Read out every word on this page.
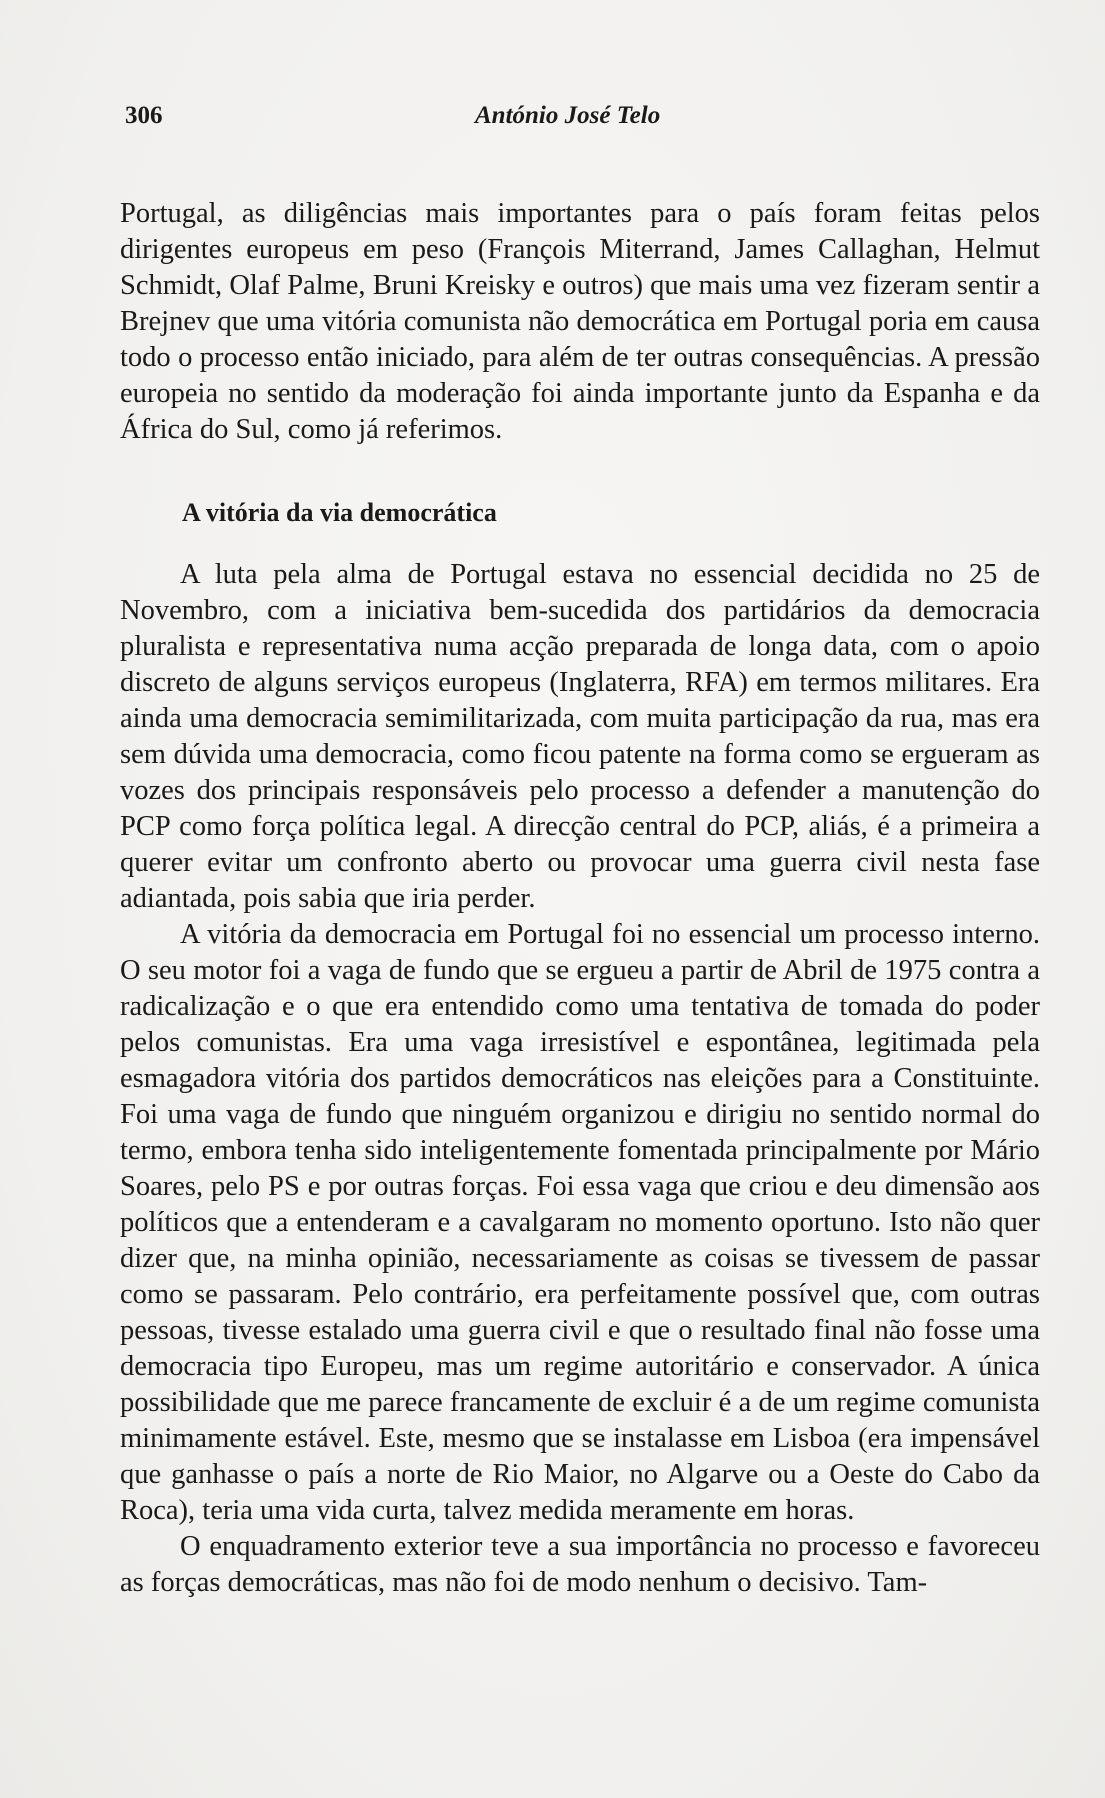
306	António José Telo

Portugal, as diligências mais importantes para o país foram feitas pelos dirigentes europeus em peso (François Miterrand, James Callaghan, Helmut Schmidt, Olaf Palme, Bruni Kreisky e outros) que mais uma vez fizeram sentir a Brejnev que uma vitória comunista não democrática em Portugal poria em causa todo o processo então iniciado, para além de ter outras consequências. A pressão europeia no sentido da moderação foi ainda importante junto da Espanha e da África do Sul, como já referimos.

A vitória da via democrática

A luta pela alma de Portugal estava no essencial decidida no 25 de Novembro, com a iniciativa bem-sucedida dos partidários da democracia pluralista e representativa numa acção preparada de longa data, com o apoio discreto de alguns serviços europeus (Inglaterra, RFA) em termos militares. Era ainda uma democracia semimilitarizada, com muita participação da rua, mas era sem dúvida uma democracia, como ficou patente na forma como se ergueram as vozes dos principais responsáveis pelo processo a defender a manutenção do PCP como força política legal. A direcção central do PCP, aliás, é a primeira a querer evitar um confronto aberto ou provocar uma guerra civil nesta fase adiantada, pois sabia que iria perder.

A vitória da democracia em Portugal foi no essencial um processo interno. O seu motor foi a vaga de fundo que se ergueu a partir de Abril de 1975 contra a radicalização e o que era entendido como uma tentativa de tomada do poder pelos comunistas. Era uma vaga irresistível e espontânea, legitimada pela esmagadora vitória dos partidos democráticos nas eleições para a Constituinte. Foi uma vaga de fundo que ninguém organizou e dirigiu no sentido normal do termo, embora tenha sido inteligentemente fomentada principalmente por Mário Soares, pelo PS e por outras forças. Foi essa vaga que criou e deu dimensão aos políticos que a entenderam e a cavalgaram no momento oportuno. Isto não quer dizer que, na minha opinião, necessariamente as coisas se tivessem de passar como se passaram. Pelo contrário, era perfeitamente possível que, com outras pessoas, tivesse estalado uma guerra civil e que o resultado final não fosse uma democracia tipo Europeu, mas um regime autoritário e conservador. A única possibilidade que me parece francamente de excluir é a de um regime comunista minimamente estável. Este, mesmo que se instalasse em Lisboa (era impensável que ganhasse o país a norte de Rio Maior, no Algarve ou a Oeste do Cabo da Roca), teria uma vida curta, talvez medida meramente em horas.

O enquadramento exterior teve a sua importância no processo e favoreceu as forças democráticas, mas não foi de modo nenhum o decisivo. Tam-
